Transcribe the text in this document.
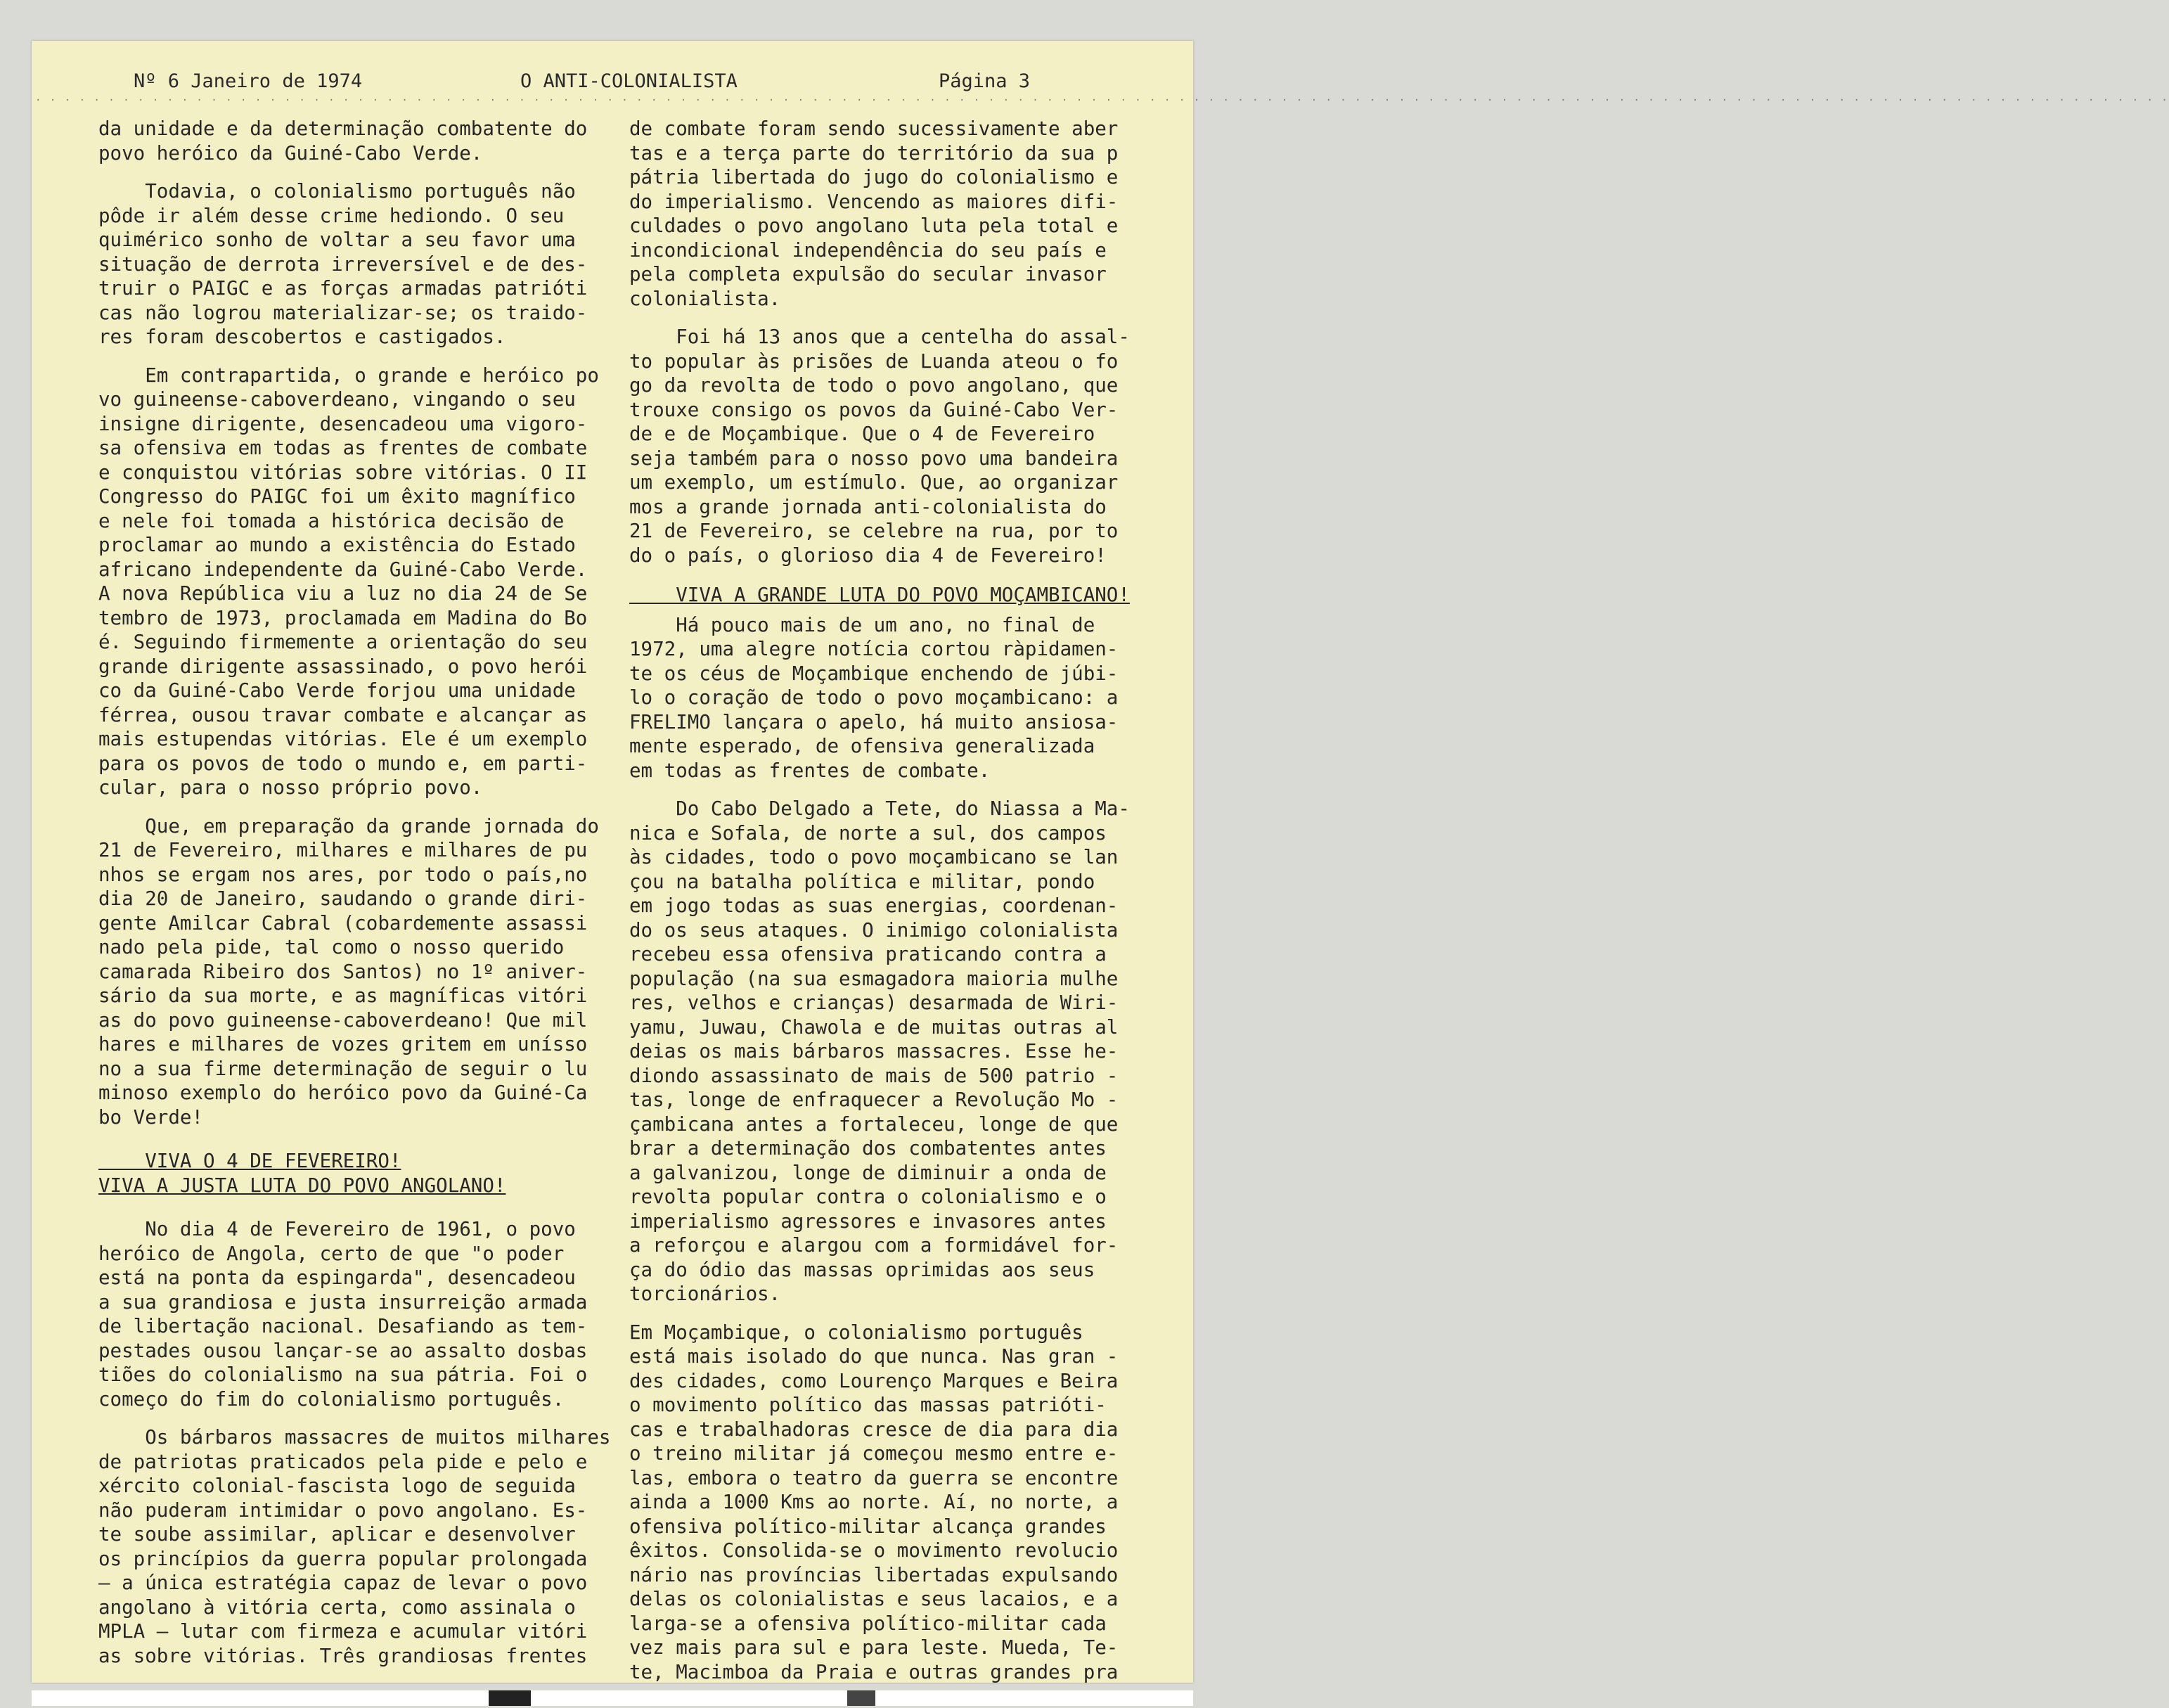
Nº 6 Janeiro de 1974	O ANTI-COLONIALISTA	Página 3
· · · · · · · · · · · · · · · · · · · · · · · · · · · · · · · · · · · · · · · · · · · · · · · · · · · · · · · · · · · · · · · · · · · · · · · · · · · · · · · · · · · · · · · · · · · · · · · · · · · · · · · · · · · · · · · · · · · · · · · · · · · · · · · · · · · · · · · · · · · · · · · · · ·
da unidade e da determinação combatente do
povo heróico da Guiné-Cabo Verde.
Todavia, o colonialismo português não
pôde ir além desse crime hediondo. O seu
quimérico sonho de voltar a seu favor uma
situação de derrota irreversível e de des-
truir o PAIGC e as forças armadas patrióti
cas não logrou materializar-se; os traido-
res foram descobertos e castigados.
Em contrapartida, o grande e heróico po
vo guineense-caboverdeano, vingando o seu
insigne dirigente, desencadeou uma vigoro-
sa ofensiva em todas as frentes de combate
e conquistou vitórias sobre vitórias. O II
Congresso do PAIGC foi um êxito magnífico
e nele foi tomada a histórica decisão de
proclamar ao mundo a existência do Estado
africano independente da Guiné-Cabo Verde.
A nova República viu a luz no dia 24 de Se
tembro de 1973, proclamada em Madina do Bo
é. Seguindo firmemente a orientação do seu
grande dirigente assassinado, o povo herói
co da Guiné-Cabo Verde forjou uma unidade
férrea, ousou travar combate e alcançar as
mais estupendas vitórias. Ele é um exemplo
para os povos de todo o mundo e, em parti-
cular, para o nosso próprio povo.
Que, em preparação da grande jornada do
21 de Fevereiro, milhares e milhares de pu
nhos se ergam nos ares, por todo o país,no
dia 20 de Janeiro, saudando o grande diri-
gente Amilcar Cabral (cobardemente assassi
nado pela pide, tal como o nosso querido
camarada Ribeiro dos Santos) no 1º aniver-
sário da sua morte, e as magníficas vitóri
as do povo guineense-caboverdeano! Que mil
hares e milhares de vozes gritem em uníssо
no a sua firme determinação de seguir o lu
minoso exemplo do heróico povo da Guiné-Ca
bo Verde!
VIVA O 4 DE FEVEREIRO!
VIVA A JUSTA LUTA DO POVO ANGOLANO!
No dia 4 de Fevereiro de 1961, o povo
heróico de Angola, certo de que "o poder
está na ponta da espingarda", desencadeou
a sua grandiosa e justa insurreição armada
de libertação nacional. Desafiando as tem-
pestades ousou lançar-se ao assalto dosbas
tiões do colonialismo na sua pátria. Foi o
começo do fim do colonialismo português.
Os bárbaros massacres de muitos milhares
de patriotas praticados pela pide e pelo e
xército colonial-fascista logo de seguida
não puderam intimidar o povo angolano. Es-
te soube assimilar, aplicar e desenvolver
os princípios da guerra popular prolongada
— a única estratégia capaz de levar o povo
angolano à vitória certa, como assinala o
MPLA — lutar com firmeza e acumular vitóri
as sobre vitórias. Três grandiosas frentes
de combate foram sendo sucessivamente aber
tas e a terça parte do território da sua p
pátria libertada do jugo do colonialismo e
do imperialismo. Vencendo as maiores difi-
culdades o povo angolano luta pela total e
incondicional independência do seu país e
pela completa expulsão do secular invasor
colonialista.
Foi há 13 anos que a centelha do assal-
to popular às prisões de Luanda ateou o fo
go da revolta de todo o povo angolano, que
trouxe consigo os povos da Guiné-Cabo Ver-
de e de Moçambique. Que o 4 de Fevereiro
seja também para o nosso povo uma bandeira
um exemplo, um estímulo. Que, ao organizar
mos a grande jornada anti-colonialista do
21 de Fevereiro, se celebre na rua, por to
do o país, o glorioso dia 4 de Fevereiro!
VIVA A GRANDE LUTA DO POVO MOÇAMBICANO!
Há pouco mais de um ano, no final de
1972, uma alegre notícia cortou ràpidamen-
te os céus de Moçambique enchendo de júbi-
lo o coração de todo o povo moçambicano: a
FRELIMO lançara o apelo, há muito ansiosa-
mente esperado, de ofensiva generalizada
em todas as frentes de combate.
Do Cabo Delgado a Tete, do Niassa a Ma-
nica e Sofala, de norte a sul, dos campos
às cidades, todo o povo moçambicano se lan
çou na batalha política e militar, pondo
em jogo todas as suas energias, coordenan-
do os seus ataques. O inimigo colonialista
recebeu essa ofensiva praticando contra a
população (na sua esmagadora maioria mulhe
res, velhos e crianças) desarmada de Wiri-
yamu, Juwau, Chawola e de muitas outras al
deias os mais bárbaros massacres. Esse he-
diondo assassinato de mais de 500 patrio -
tas, longe de enfraquecer a Revolução Mo -
çambicana antes a fortaleceu, longe de que
brar a determinação dos combatentes antes
a galvanizou, longe de diminuir a onda de
revolta popular contra o colonialismo e o
imperialismo agressores e invasores antes
a reforçou e alargou com a formidável for-
ça do ódio das massas oprimidas aos seus
torcionários.
Em Moçambique, o colonialismo português
está mais isolado do que nunca. Nas gran -
des cidades, como Lourenço Marques e Beira
o movimento político das massas patrióti-
cas e trabalhadoras cresce de dia para dia
o treino militar já começou mesmo entre e-
las, embora o teatro da guerra se encontre
ainda a 1000 Kms ao norte. Aí, no norte, a
ofensiva político-militar alcança grandes
êxitos. Consolida-se o movimento revolucio
nário nas províncias libertadas expulsando
delas os colonialistas e seus lacaios, e a
larga-se a ofensiva político-militar cada
vez mais para sul e para leste. Mueda, Te-
te, Macimboa da Praia e outras grandes pra
